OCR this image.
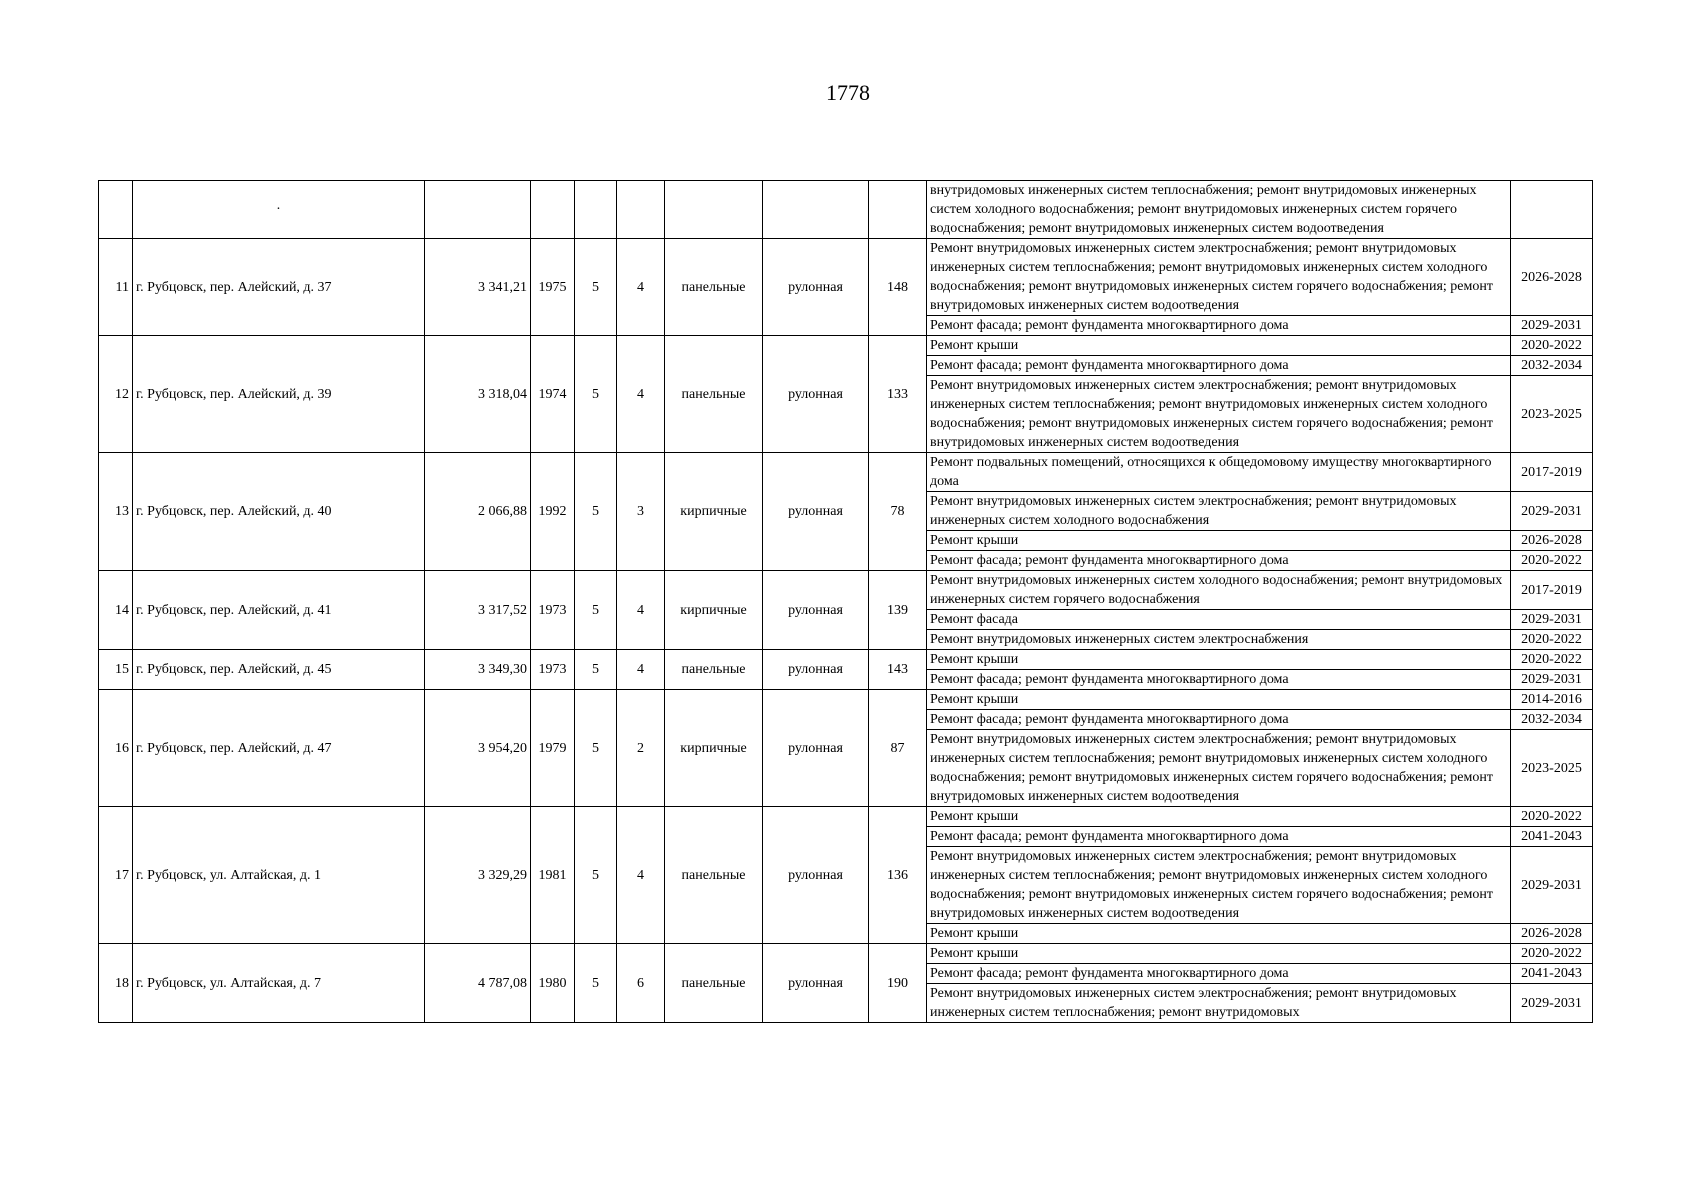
1778
	·								внутридомовых инженерных систем теплоснабжения; ремонт внутридомовых инженерных систем холодного водоснабжения; ремонт внутридомовых инженерных систем горячего водоснабжения; ремонт внутридомовых инженерных систем водоотведения	
11	г. Рубцовск, пер. Алейский, д. 37	3 341,21	1975	5	4	панельные	рулонная	148	Ремонт внутридомовых инженерных систем электроснабжения; ремонт внутридомовых инженерных систем теплоснабжения; ремонт внутридомовых инженерных систем холодного водоснабжения; ремонт внутридомовых инженерных систем горячего водоснабжения; ремонт внутридомовых инженерных систем водоотведения	2026-2028
									Ремонт фасада; ремонт фундамента многоквартирного дома	2029-2031
12	г. Рубцовск, пер. Алейский, д. 39	3 318,04	1974	5	4	панельные	рулонная	133	Ремонт крыши	2020-2022
									Ремонт фасада; ремонт фундамента многоквартирного дома	2032-2034
									Ремонт внутридомовых инженерных систем электроснабжения; ремонт внутридомовых инженерных систем теплоснабжения; ремонт внутридомовых инженерных систем холодного водоснабжения; ремонт внутридомовых инженерных систем горячего водоснабжения; ремонт внутридомовых инженерных систем водоотведения	2023-2025
13	г. Рубцовск, пер. Алейский, д. 40	2 066,88	1992	5	3	кирпичные	рулонная	78	Ремонт подвальных помещений, относящихся к общедомовому имуществу многоквартирного дома	2017-2019
									Ремонт внутридомовых инженерных систем электроснабжения; ремонт внутридомовых инженерных систем холодного водоснабжения	2029-2031
									Ремонт крыши	2026-2028
									Ремонт фасада; ремонт фундамента многоквартирного дома	2020-2022
14	г. Рубцовск, пер. Алейский, д. 41	3 317,52	1973	5	4	кирпичные	рулонная	139	Ремонт внутридомовых инженерных систем холодного водоснабжения; ремонт внутридомовых инженерных систем горячего водоснабжения	2017-2019
									Ремонт фасада	2029-2031
									Ремонт внутридомовых инженерных систем электроснабжения	2020-2022
15	г. Рубцовск, пер. Алейский, д. 45	3 349,30	1973	5	4	панельные	рулонная	143	Ремонт крыши	2020-2022
									Ремонт фасада; ремонт фундамента многоквартирного дома	2029-2031
16	г. Рубцовск, пер. Алейский, д. 47	3 954,20	1979	5	2	кирпичные	рулонная	87	Ремонт крыши	2014-2016
									Ремонт фасада; ремонт фундамента многоквартирного дома	2032-2034
									Ремонт внутридомовых инженерных систем электроснабжения; ремонт внутридомовых инженерных систем теплоснабжения; ремонт внутридомовых инженерных систем холодного водоснабжения; ремонт внутридомовых инженерных систем горячего водоснабжения; ремонт внутридомовых инженерных систем водоотведения	2023-2025
17	г. Рубцовск, ул. Алтайская, д. 1	3 329,29	1981	5	4	панельные	рулонная	136	Ремонт крыши	2020-2022
									Ремонт фасада; ремонт фундамента многоквартирного дома	2041-2043
									Ремонт внутридомовых инженерных систем электроснабжения; ремонт внутридомовых инженерных систем теплоснабжения; ремонт внутридомовых инженерных систем холодного водоснабжения; ремонт внутридомовых инженерных систем горячего водоснабжения; ремонт внутридомовых инженерных систем водоотведения	2029-2031
									Ремонт крыши	2026-2028
18	г. Рубцовск, ул. Алтайская, д. 7	4 787,08	1980	5	6	панельные	рулонная	190	Ремонт крыши	2020-2022
									Ремонт фасада; ремонт фундамента многоквартирного дома	2041-2043
									Ремонт внутридомовых инженерных систем электроснабжения; ремонт внутридомовых инженерных систем теплоснабжения; ремонт внутридомовых	2029-2031
